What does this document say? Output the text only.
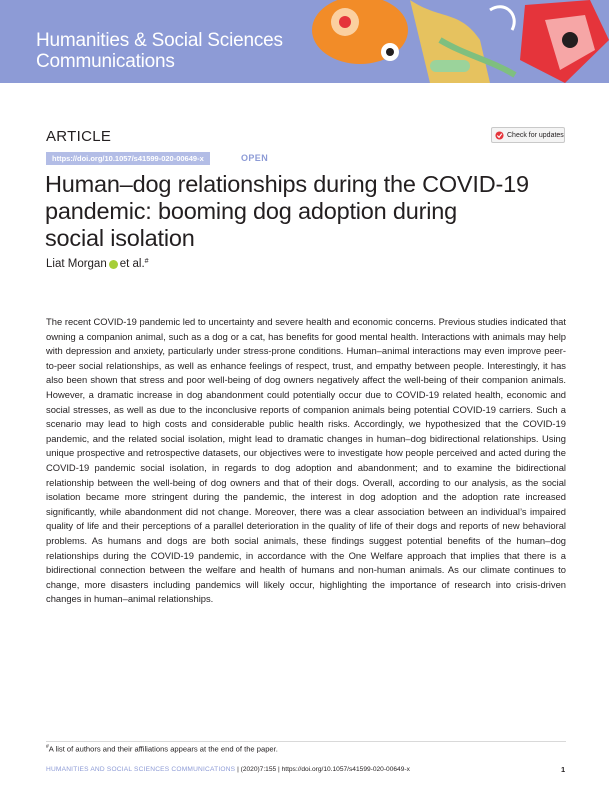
Humanities & Social Sciences
Communications
ARTICLE	Check for updates
https://doi.org/10.1057/s41599-020-00649-x	OPEN
Human–dog relationships during the COVID-19
pandemic: booming dog adoption during
social isolation
Liat Morgan et al.#

The recent COVID-19 pandemic led to uncertainty and severe health and economic concerns. Previous studies indicated that owning a companion animal, such as a dog or a cat, has benefits for good mental health. Interactions with animals may help with depression and anxiety, particularly under stress-prone conditions. Human–animal interactions may even improve peer-to-peer social relationships, as well as enhance feelings of respect, trust, and empathy between people. Interestingly, it has also been shown that stress and poor well-being of dog owners negatively affect the well-being of their companion animals. However, a dramatic increase in dog abandonment could potentially occur due to COVID-19 related health, economic and social stresses, as well as due to the inconclusive reports of companion animals being potential COVID-19 carriers. Such a scenario may lead to high costs and considerable public health risks. Accordingly, we hypothesized that the COVID-19 pandemic, and the related social isolation, might lead to dramatic changes in human–dog bidirectional relationships. Using unique prospective and retrospective datasets, our objectives were to investigate how people perceived and acted during the COVID-19 pandemic social isolation, in regards to dog adoption and abandonment; and to examine the bidirectional relationship between the well-being of dog owners and that of their dogs. Overall, according to our analysis, as the social isolation became more stringent during the pandemic, the interest in dog adoption and the adoption rate increased significantly, while abandonment did not change. Moreover, there was a clear association between an individual’s impaired quality of life and their perceptions of a parallel deterioration in the quality of life of their dogs and reports of new behavioral problems. As humans and dogs are both social animals, these findings suggest potential benefits of the human–dog relationships during the COVID-19 pandemic, in accordance with the One Welfare approach that implies that there is a bidirectional connection between the welfare and health of humans and non-human animals. As our climate continues to change, more disasters including pandemics will likely occur, highlighting the importance of research into crisis-driven changes in human–animal relationships.

#A list of authors and their affiliations appears at the end of the paper.
HUMANITIES AND SOCIAL SCIENCES COMMUNICATIONS | (2020)7:155 | https://doi.org/10.1057/s41599-020-00649-x	1
